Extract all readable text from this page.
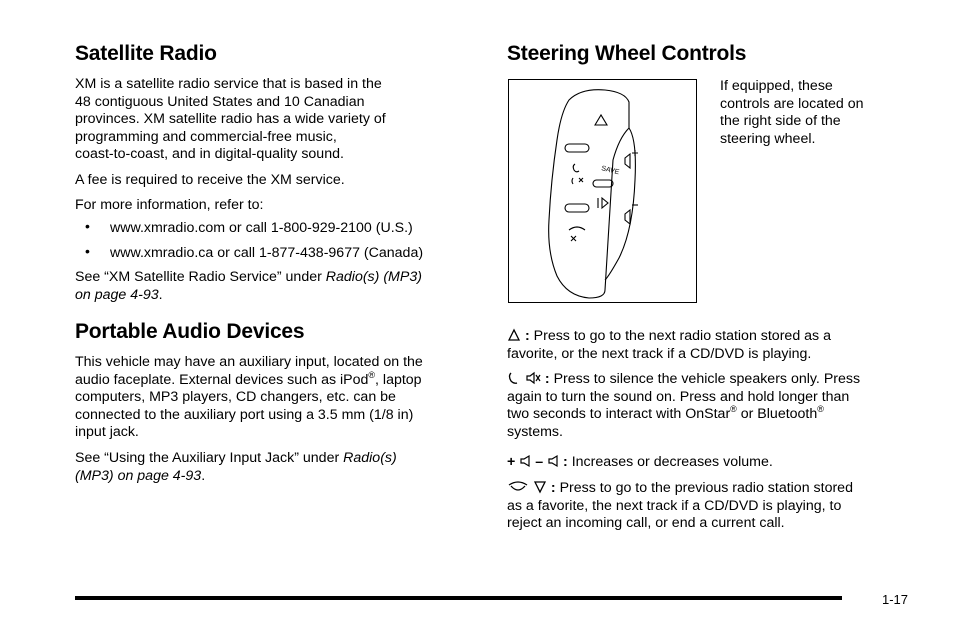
Satellite Radio

XM is a satellite radio service that is based in the

48 contiguous United States and 10 Canadian

provinces. XM satellite radio has a wide variety of

programming and commercial-free music,

coast-to-coast, and in digital-quality sound.

A fee is required to receive the XM service.

For more information, refer to:

• www.xmradio.com or call 1-800-929-2100 (U.S.)
• www.xmradio.ca or call 1-877-438-9677 (Canada)

See “XM Satellite Radio Service” under Radio(s) (MP3)

on page 4‑93.

Portable Audio Devices

This vehicle may have an auxiliary input, located on the

audio faceplate. External devices such as iPod®, laptop

computers, MP3 players, CD changers, etc. can be

connected to the auxiliary port using a 3.5 mm (1/8 in)

input jack.

See “Using the Auxiliary Input Jack” under Radio(s)

(MP3) on page 4‑93.

Steering Wheel Controls
SAVE

If equipped, these

controls are located on

the right side of the

steering wheel.

: Press to go to the next radio station stored as a

favorite, or the next track if a CD/DVD is playing.

: Press to silence the vehicle speakers only. Press

again to turn the sound on. Press and hold longer than

two seconds to interact with OnStar® or Bluetooth®

systems.

+ – : Increases or decreases volume.

: Press to go to the previous radio station stored

as a favorite, the next track if a CD/DVD is playing, to

reject an incoming call, or end a current call.

1-17
